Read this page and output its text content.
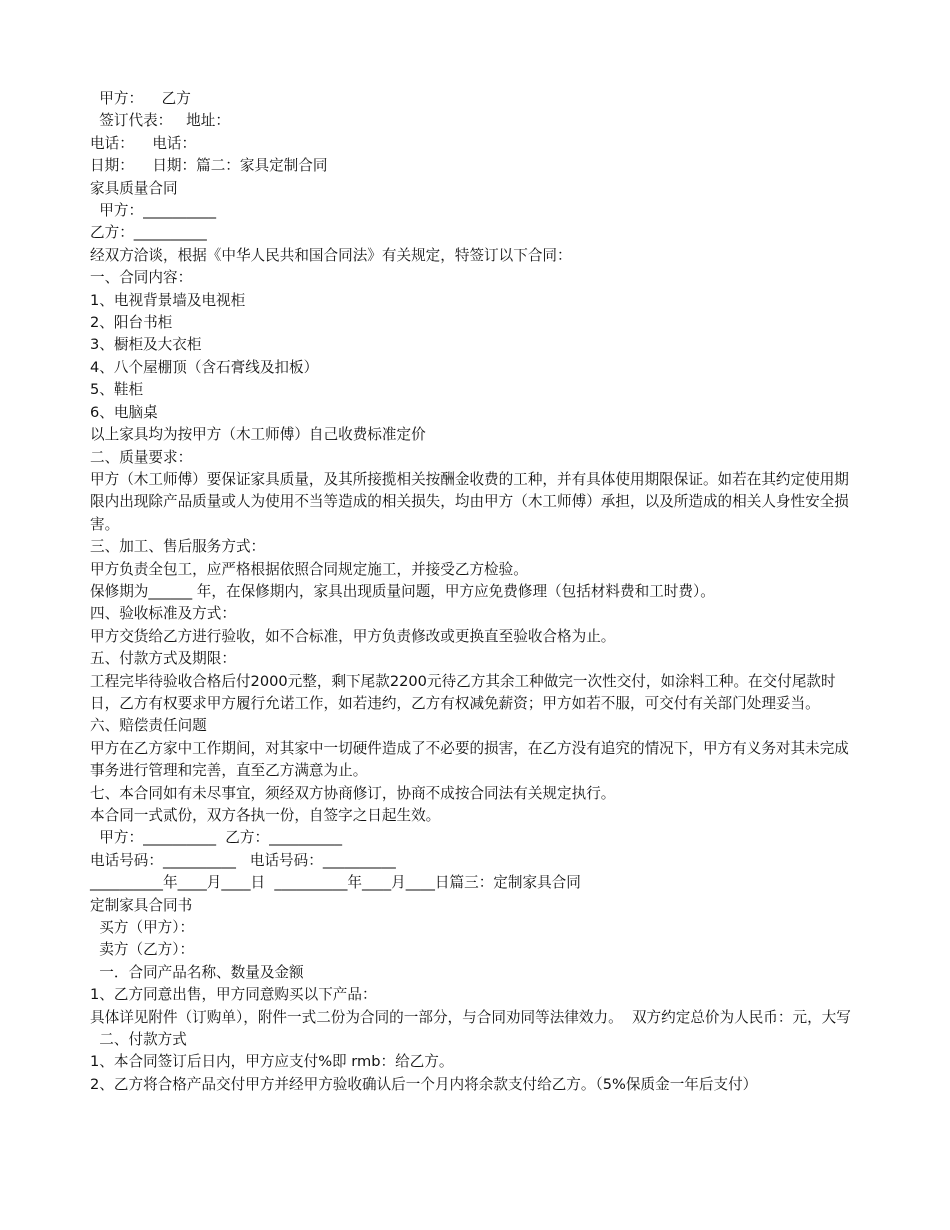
甲方：    乙方

签订代表：   地址：

电话：    电话：

日期：    日期：篇二：家具定制合同

家具质量合同

甲方：__________

乙方：__________

经双方洽谈，根据《中华人民共和国合同法》有关规定，特签订以下合同：

一、合同内容：

1、电视背景墙及电视柜

2、阳台书柜

3、橱柜及大衣柜

4、八个屋棚顶（含石膏线及扣板）

5、鞋柜

6、电脑桌

以上家具均为按甲方（木工师傅）自己收费标准定价

二、质量要求：

甲方（木工师傅）要保证家具质量，及其所接揽相关按酬金收费的工种，并有具体使用期限保证。如若在其约定使用期限内出现除产品质量或人为使用不当等造成的相关损失，均由甲方（木工师傅）承担，以及所造成的相关人身性安全损害。

三、加工、售后服务方式：

甲方负责全包工，应严格根据依照合同规定施工，并接受乙方检验。

保修期为______ 年，在保修期内，家具出现质量问题，甲方应免费修理（包括材料费和工时费）。

四、验收标准及方式：

甲方交货给乙方进行验收，如不合标准，甲方负责修改或更换直至验收合格为止。

五、付款方式及期限：

工程完毕待验收合格后付2000元整，剩下尾款2200元待乙方其余工种做完一次性交付，如涂料工种。在交付尾款时日，乙方有权要求甲方履行允诺工作，如若违约，乙方有权减免薪资；甲方如若不服，可交付有关部门处理妥当。

六、赔偿责任问题

甲方在乙方家中工作期间，对其家中一切硬件造成了不必要的损害，在乙方没有追究的情况下，甲方有义务对其未完成事务进行管理和完善，直至乙方满意为止。

七、本合同如有未尽事宜，须经双方协商修订，协商不成按合同法有关规定执行。

本合同一式贰份，双方各执一份，自签字之日起生效。

甲方：__________  乙方：__________

电话号码：__________   电话号码：__________

__________年____月____日  __________年____月____日篇三：定制家具合同

定制家具合同书

买方（甲方）：

卖方（乙方）：

一．合同产品名称、数量及金额

1、乙方同意出售，甲方同意购买以下产品：

具体详见附件（订购单），附件一式二份为合同的一部分，与合同劝同等法律效力。  双方约定总价为人民币：元，大写

二、付款方式

1、本合同签订后日内，甲方应支付%即 rmb：给乙方。

2、乙方将合格产品交付甲方并经甲方验收确认后一个月内将余款支付给乙方。（5%保质金一年后支付）
